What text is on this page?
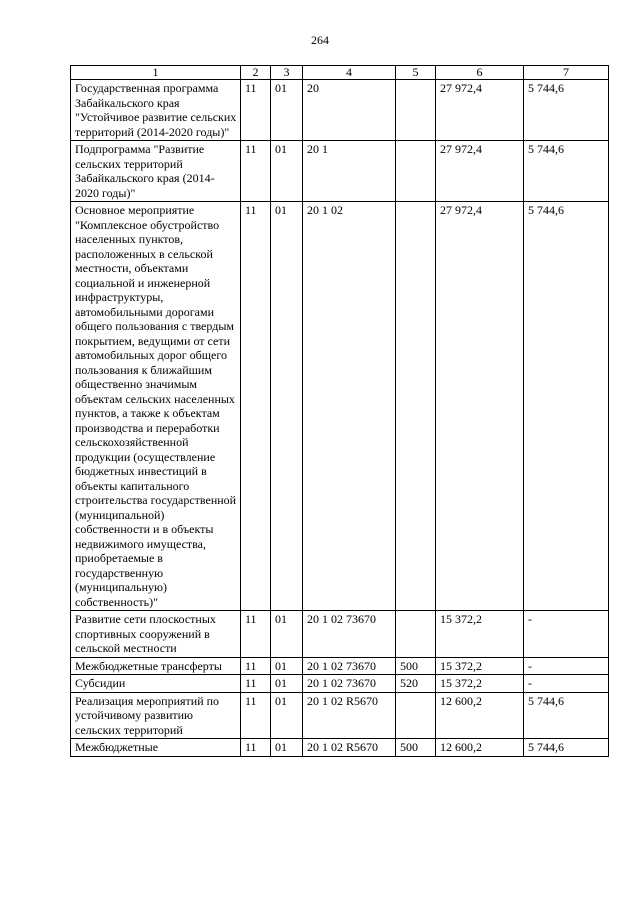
264
1	2	3	4	5	6	7
Государственная программа Забайкальского края "Устойчивое развитие сельских территорий (2014-2020 годы)"	11	01	20		27 972,4	5 744,6
Подпрограмма "Развитие сельских территорий Забайкальского края (2014-2020 годы)"	11	01	20 1		27 972,4	5 744,6
Основное мероприятие "Комплексное обустройство населенных пунктов, расположенных в сельской местности, объектами социальной и инженерной инфраструктуры, автомобильными дорогами общего пользования с твердым покрытием, ведущими от сети автомобильных дорог общего пользования к ближайшим общественно значимым объектам сельских населенных пунктов, а также к объектам производства и переработки сельскохозяйственной продукции (осуществление бюджетных инвестиций в объекты капитального строительства государственной (муниципальной) собственности и в объекты недвижимого имущества, приобретаемые в государственную (муниципальную) собственность)"	11	01	20 1 02		27 972,4	5 744,6
Развитие сети плоскостных спортивных сооружений в сельской местности	11	01	20 1 02 73670		15 372,2	-
Межбюджетные трансферты	11	01	20 1 02 73670	500	15 372,2	-
Субсидии	11	01	20 1 02 73670	520	15 372,2	-
Реализация мероприятий по устойчивому развитию сельских территорий	11	01	20 1 02 R5670		12 600,2	5 744,6
Межбюджетные	11	01	20 1 02 R5670	500	12 600,2	5 744,6
